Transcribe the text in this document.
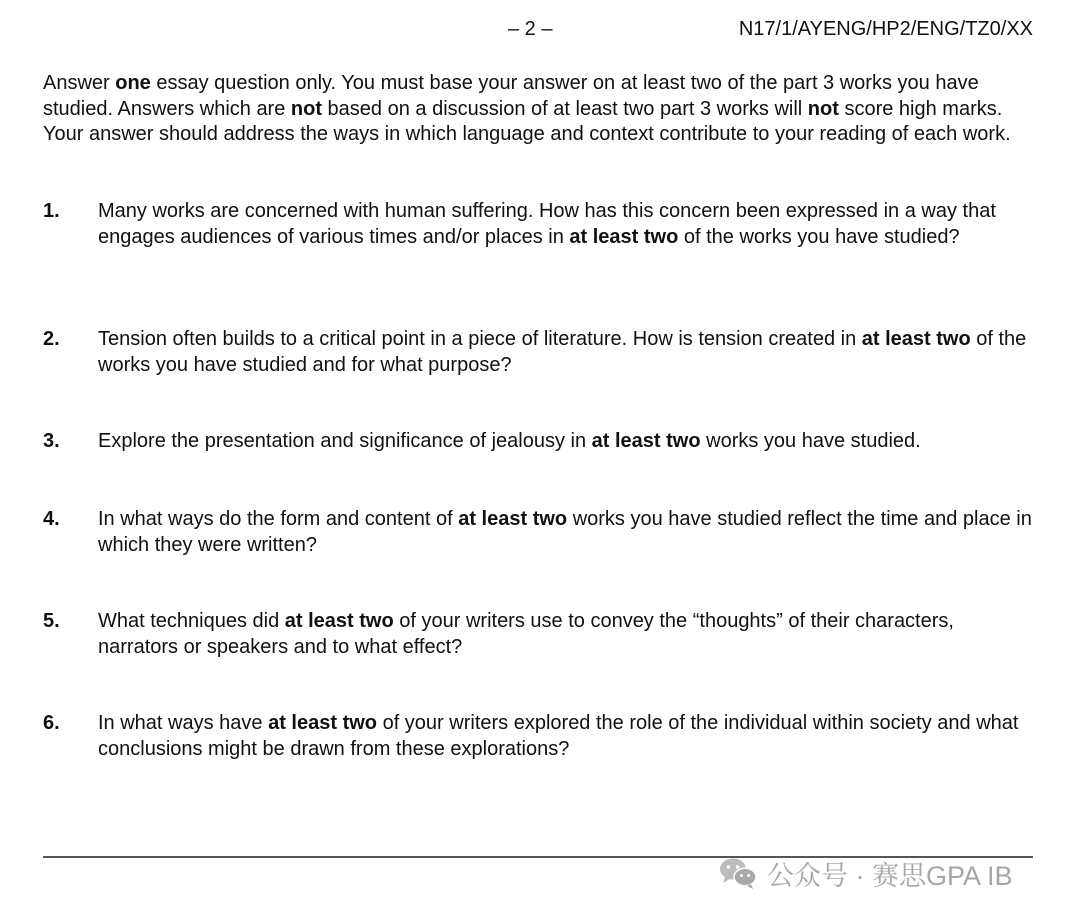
– 2 –	N17/1/AYENG/HP2/ENG/TZ0/XX

Answer one essay question only. You must base your answer on at least two of the part 3 works you have studied. Answers which are not based on a discussion of at least two part 3 works will not score high marks. Your answer should address the ways in which language and context contribute to your reading of each work.

1. Many works are concerned with human suffering. How has this concern been expressed in a way that engages audiences of various times and/or places in at least two of the works you have studied?
2. Tension often builds to a critical point in a piece of literature. How is tension created in at least two of the works you have studied and for what purpose?
3. Explore the presentation and significance of jealousy in at least two works you have studied.
4. In what ways do the form and content of at least two works you have studied reflect the time and place in which they were written?
5. What techniques did at least two of your writers use to convey the “thoughts” of their characters, narrators or speakers and to what effect?
6. In what ways have at least two of your writers explored the role of the individual within society and what conclusions might be drawn from these explorations?
公众号 · 赛思GPA IB
